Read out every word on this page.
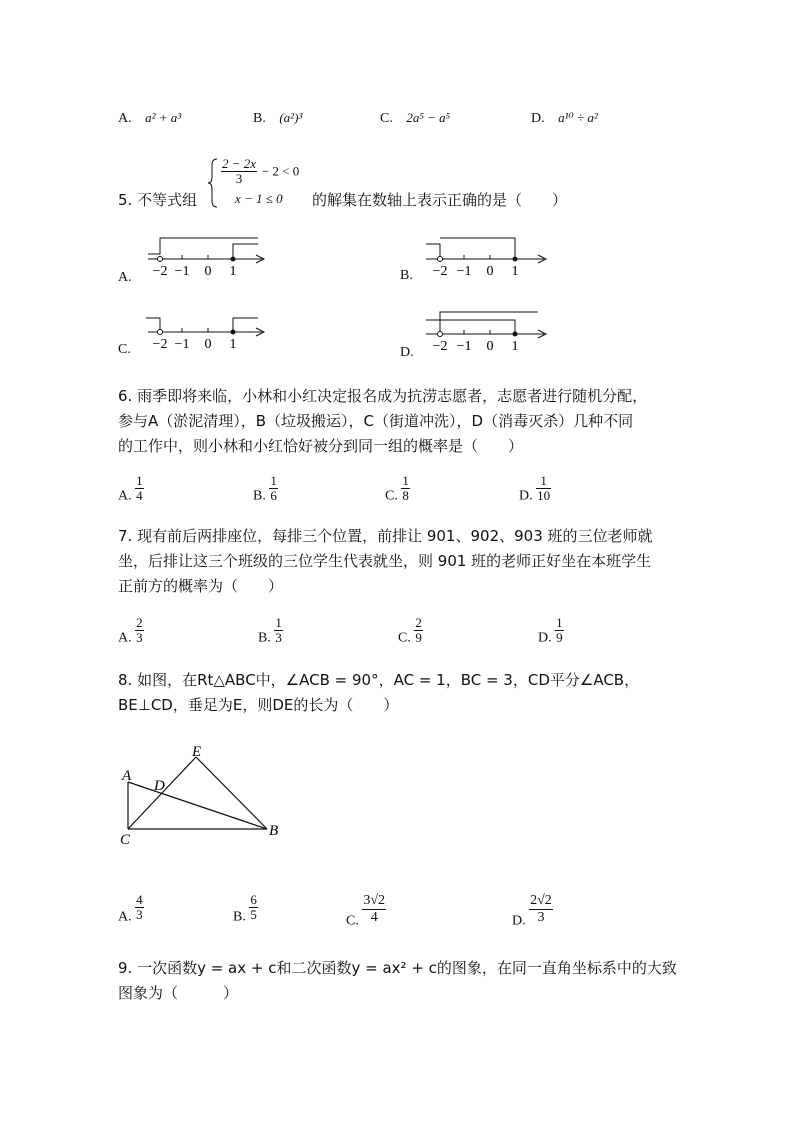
A. a² + a³	B. (a²)³	C. 2a⁵ − a⁵	D. a¹⁰ ÷ a²
5. 不等式组
$\frac{2 - 2x}{3} - 2 < 0$
x − 1 ≤ 0 的解集在数轴上表示正确的是（　　）
A. −2 −1 0 1	B. −2 −1 0 1
C. −2 −1 0 1
D. −2 −1 0 1
6. 雨季即将来临，小林和小红决定报名成为抗涝志愿者，志愿者进行随机分配，
参与A（淤泥清理），B（垃圾搬运），C（街道冲洗），D（消毒灭杀）几种不同
的工作中，则小林和小红恰好被分到同一组的概率是（　　）
A. $\frac{1}{4}$	B. $\frac{1}{6}$	C. $\frac{1}{8}$	D. $\frac{1}{10}$
7. 现有前后两排座位，每排三个位置，前排让 901、902、903 班的三位老师就
坐，后排让这三个班级的三位学生代表就坐，则 901 班的老师正好坐在本班学生
正前方的概率为（　　）
A. $\frac{2}{3}$	B. $\frac{1}{3}$	C. $\frac{2}{9}$	D. $\frac{1}{9}$
8. 如图，在Rt△ABC中，∠ACB = 90°，AC = 1，BC = 3，CD平分∠ACB，
BE⊥CD，垂足为E，则DE的长为（　　）
A
B
C
D
E
A. $\frac{4}{3}$	B. $\frac{6}{5}$	C. $\frac{3√2}{4}$	D. $\frac{2√2}{3}$
9. 一次函数y = ax + c和二次函数y = ax² + c的图象，在同一直角坐标系中的大致
图象为（　　　）
